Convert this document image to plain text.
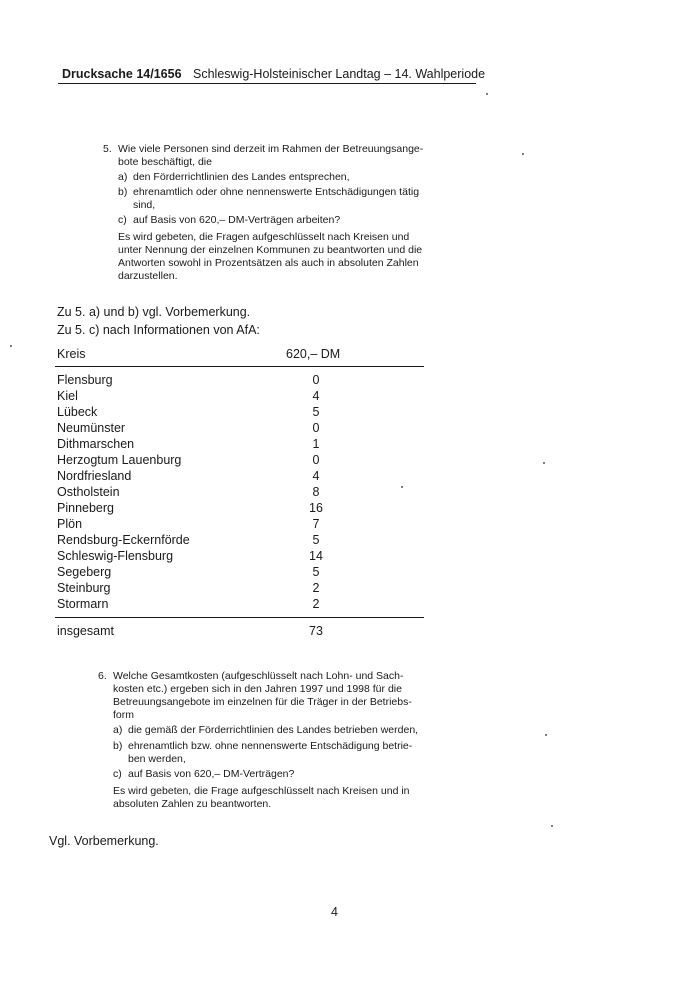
Drucksache 14/1656 Schleswig-Holsteinischer Landtag – 14. Wahlperiode
5. Wie viele Personen sind derzeit im Rahmen der Betreuungsange-
bote beschäftigt, die
a) den Förderrichtlinien des Landes entsprechen,
b) ehrenamtlich oder ohne nennenswerte Entschädigungen tätig
sind,
c) auf Basis von 620,– DM-Verträgen arbeiten?
Es wird gebeten, die Fragen aufgeschlüsselt nach Kreisen und
unter Nennung der einzelnen Kommunen zu beantworten und die
Antworten sowohl in Prozentsätzen als auch in absoluten Zahlen
darzustellen.
Zu 5. a) und b) vgl. Vorbemerkung.
Zu 5. c) nach Informationen von AfA:
Kreis	620,– DM
Flensburg	0
Kiel	4
Lübeck	5
Neumünster	0
Dithmarschen	1
Herzogtum Lauenburg	0
Nordfriesland	4
Ostholstein	8
Pinneberg	16
Plön	7
Rendsburg-Eckernförde	5
Schleswig-Flensburg	14
Segeberg	5
Steinburg	2
Stormarn	2
insgesamt	73
6. Welche Gesamtkosten (aufgeschlüsselt nach Lohn- und Sach-
kosten etc.) ergeben sich in den Jahren 1997 und 1998 für die
Betreuungsangebote im einzelnen für die Träger in der Betriebs-
form
a) die gemäß der Förderrichtlinien des Landes betrieben werden,
b) ehrenamtlich bzw. ohne nennenswerte Entschädigung betrie-
ben werden,
c) auf Basis von 620,– DM-Verträgen?
Es wird gebeten, die Frage aufgeschlüsselt nach Kreisen und in
absoluten Zahlen zu beantworten.
Vgl. Vorbemerkung.
4
